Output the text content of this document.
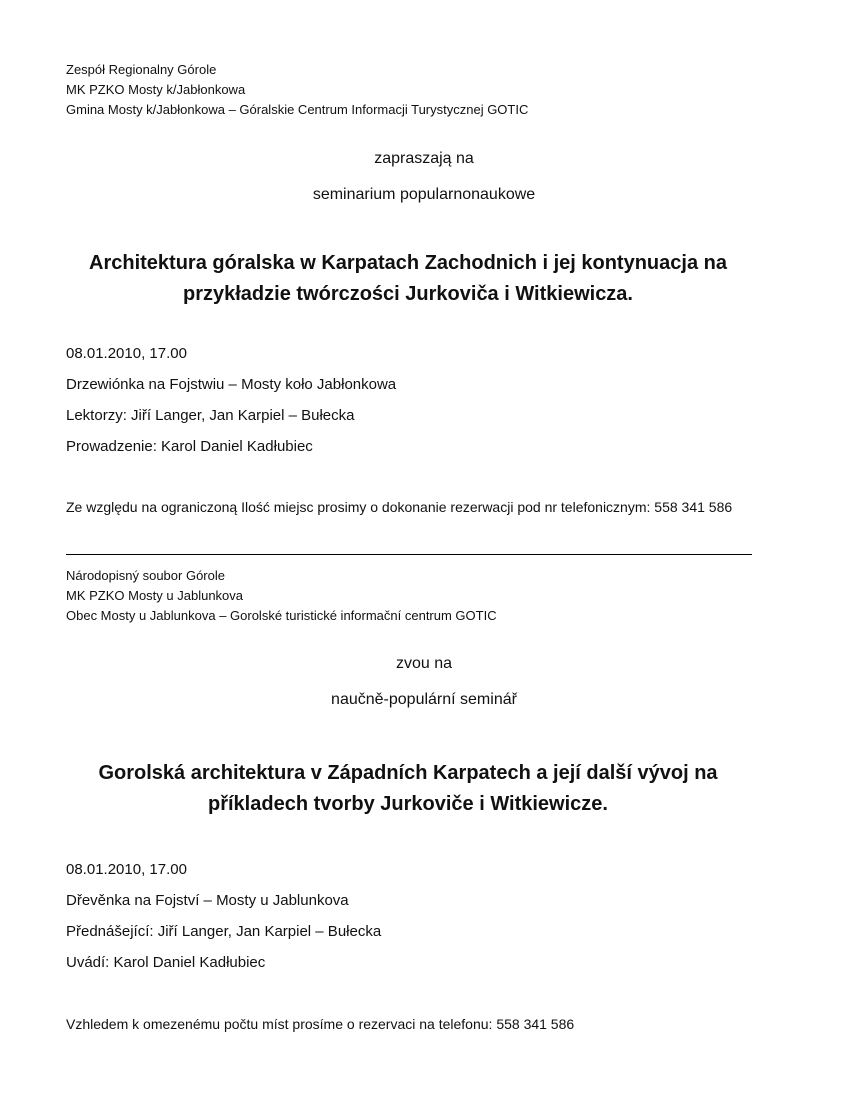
Zespół Regionalny Górole
MK PZKO Mosty k/Jabłonkowa
Gmina Mosty k/Jabłonkowa – Góralskie Centrum Informacji Turystycznej GOTIC
zapraszają na
seminarium popularnonaukowe
Architektura góralska w Karpatach Zachodnich i jej kontynuacja na
przykładzie twórczości Jurkoviča i Witkiewicza.
08.01.2010, 17.00
Drzewiónka na Fojstwiu – Mosty koło Jabłonkowa
Lektorzy: Jiří Langer, Jan Karpiel – Bułecka
Prowadzenie: Karol Daniel Kadłubiec
Ze względu na ograniczoną Ilość miejsc prosimy o dokonanie rezerwacji pod nr telefonicznym: 558 341 586
Národopisný soubor Górole
MK PZKO Mosty u Jablunkova
Obec Mosty u Jablunkova – Gorolské turistické informační centrum GOTIC
zvou na
naučně-populární seminář
Gorolská architektura v Západních Karpatech a její další vývoj na
příkladech tvorby Jurkoviče i Witkiewicze.
08.01.2010, 17.00
Dřevěnka na Fojství – Mosty u Jablunkova
Přednášející: Jiří Langer, Jan Karpiel – Bułecka
Uvádí: Karol Daniel Kadłubiec
Vzhledem k omezenému počtu míst prosíme o rezervaci na telefonu: 558 341 586
